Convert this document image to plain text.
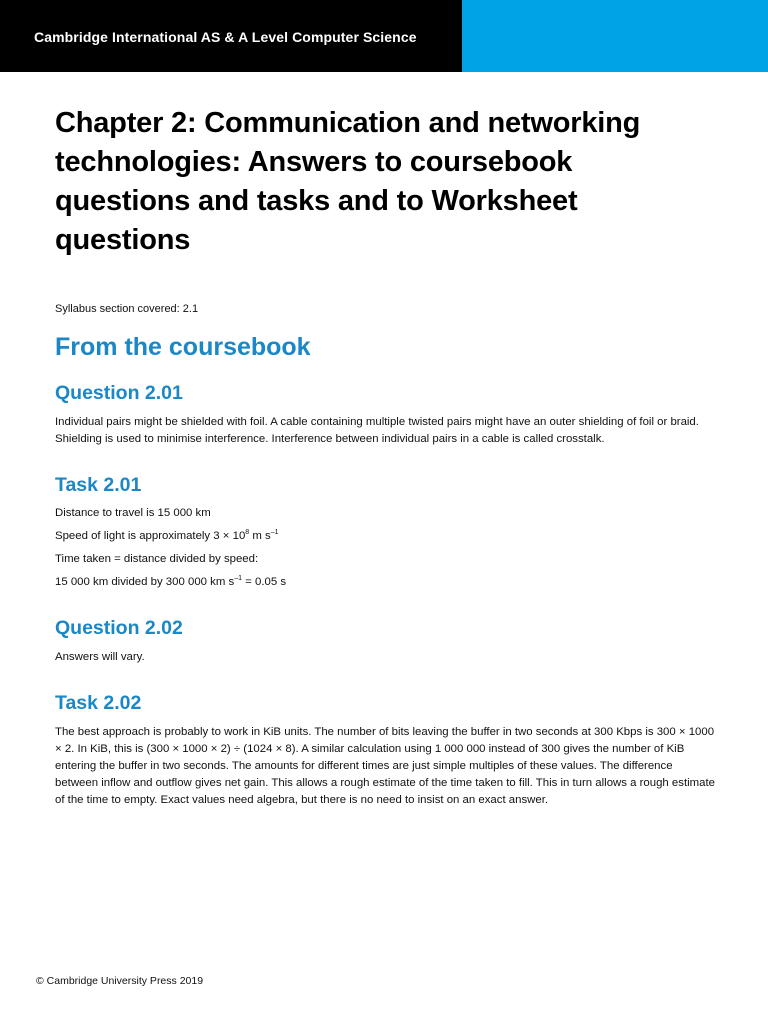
Cambridge International AS & A Level Computer Science
Chapter 2: Communication and networking technologies: Answers to coursebook questions and tasks and to Worksheet questions

Syllabus section covered: 2.1

From the coursebook
Question 2.01

Individual pairs might be shielded with foil. A cable containing multiple twisted pairs might have an outer shielding of foil or braid. Shielding is used to minimise interference. Interference between individual pairs in a cable is called crosstalk.

Task 2.01

Distance to travel is 15 000 km

Speed of light is approximately $3 \times 10^8$ m $s^{-1}$

Time taken = distance divided by speed:

15 000 km divided by 300 000 km $s^{-1} = 0.05$ s

Question 2.02

Answers will vary.

Task 2.02

The best approach is probably to work in KiB units. The number of bits leaving the buffer in two seconds at 300 Kbps is 300 × 1000 × 2. In KiB, this is (300 × 1000 × 2) ÷ (1024 × 8). A similar calculation using 1 000 000 instead of 300 gives the number of KiB entering the buffer in two seconds. The amounts for different times are just simple multiples of these values. The difference between inflow and outflow gives net gain. This allows a rough estimate of the time taken to fill. This in turn allows a rough estimate of the time to empty. Exact values need algebra, but there is no need to insist on an exact answer.

© Cambridge University Press 2019
